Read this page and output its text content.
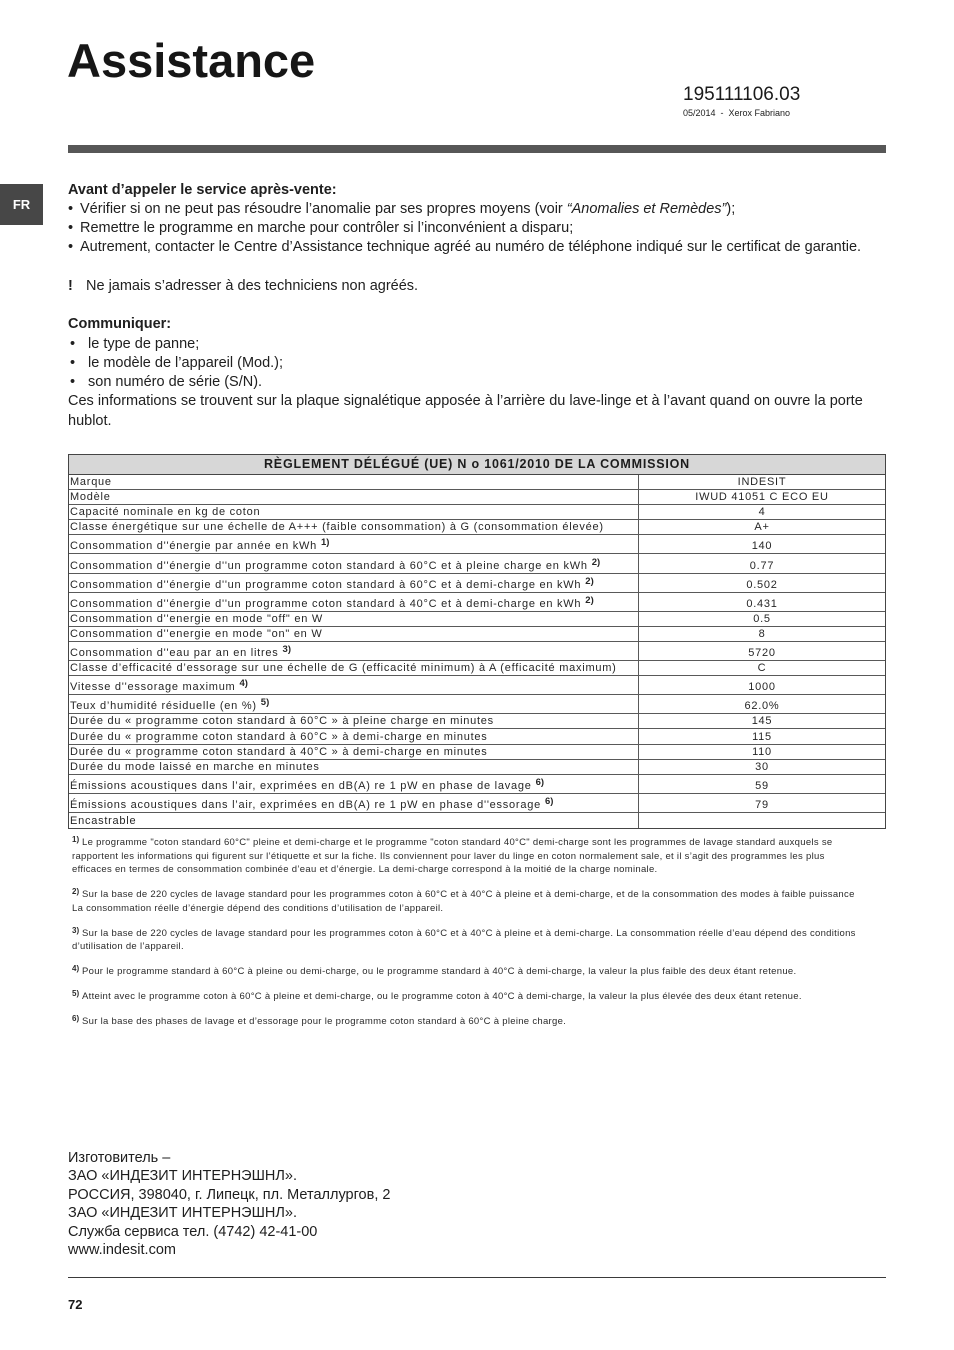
Assistance
195111106.03
05/2014  -  Xerox Fabriano
FR
Avant d’appeler le service après-vente:
• Vérifier si on ne peut pas résoudre l’anomalie par ses propres moyens (voir “Anomalies et Remèdes”);
• Remettre le programme en marche pour contrôler si l’inconvénient a disparu;
• Autrement, contacter le Centre d’Assistance technique agréé au numéro de téléphone indiqué sur le certificat de garantie.
! Ne jamais s’adresser à des techniciens non agréés.
Communiquer:
• le type de panne;
• le modèle de l’appareil (Mod.);
• son numéro de série (S/N).
Ces informations se trouvent sur la plaque signalétique apposée à l’arrière du lave-linge et à l’avant quand on ouvre la porte
hublot.
RÈGLEMENT DÉLÉGUÉ (UE) N o 1061/2010 DE LA COMMISSION
Marque	INDESIT
Modèle	IWUD 41051 C ECO EU
Capacité nominale en kg de coton	4
Classe énergétique sur une échelle de A+++ (faible consommation) à G (consommation élevée)	A+
Consommation d''énergie par année en kWh $^{1)}$	140
Consommation d''énergie d''un programme coton standard à 60°C et à pleine charge en kWh $^{2)}$	0.77
Consommation d''énergie d''un programme coton standard à 60°C et à demi-charge en kWh $^{2)}$	0.502
Consommation d''énergie d''un programme coton standard à 40°C et à demi-charge en kWh $^{2)}$	0.431
Consommation d''energie en mode "off" en W	0.5
Consommation d''energie en mode "on" en W	8
Consommation d''eau par an en litres $^{3)}$	5720
Classe d’efficacité d’essorage sur une échelle de G (efficacité minimum) à A (efficacité maximum)	C
Vitesse d''essorage maximum $^{4)}$	1000
Teux d’humidité résiduelle (en %) $^{5)}$	62.0%
Durée du « programme coton standard à 60°C » à pleine charge en minutes	145
Durée du « programme coton standard à 60°C » à demi-charge en minutes	115
Durée du « programme coton standard à 40°C » à demi-charge en minutes	110
Durée du mode laissé en marche en minutes	30
Émissions acoustiques dans l’air, exprimées en dB(A) re 1 pW en phase de lavage $^{6)}$	59
Émissions acoustiques dans l’air, exprimées en dB(A) re 1 pW en phase d''essorage $^{6)}$	79
Encastrable
$^{1)}$ Le programme "coton standard 60°C" pleine et demi-charge et le programme "coton standard 40°C" demi-charge sont les programmes de lavage standard auxquels se
rapportent les informations qui figurent sur l’étiquette et sur la fiche. Ils conviennent pour laver du linge en coton normalement sale, et il s’agit des programmes les plus
efficaces en termes de consommation combinée d’eau et d’énergie. La demi-charge correspond à la moitié de la charge nominale.
$^{2)}$ Sur la base de 220 cycles de lavage standard pour les programmes coton à 60°C et à 40°C à pleine et à demi-charge, et de la consommation des modes à faible puissance
La consommation réelle d’énergie dépend des conditions d’utilisation de l’appareil.
$^{3)}$ Sur la base de 220 cycles de lavage standard pour les programmes coton à 60°C et à 40°C à pleine et à demi-charge. La consommation réelle d’eau dépend des conditions
d’utilisation de l’appareil.
$^{4)}$ Pour le programme standard à 60°C à pleine ou demi-charge, ou le programme standard à 40°C à demi-charge, la valeur la plus faible des deux étant retenue.
$^{5)}$ Atteint avec le programme coton à 60°C à pleine et demi-charge, ou le programme coton à 40°C à demi-charge, la valeur la plus élevée des deux étant retenue.
$^{6)}$ Sur la base des phases de lavage et d’essorage pour le programme coton standard à 60°C à pleine charge.
Изготовитель –
ЗАО «ИНДЕЗИТ ИНТЕРНЭШНЛ».
РОССИЯ, 398040, г. Липецк, пл. Металлургов, 2
ЗАО «ИНДЕЗИТ ИНТЕРНЭШНЛ».
Служба сервиса тел. (4742) 42-41-00
www.indesit.com
72
